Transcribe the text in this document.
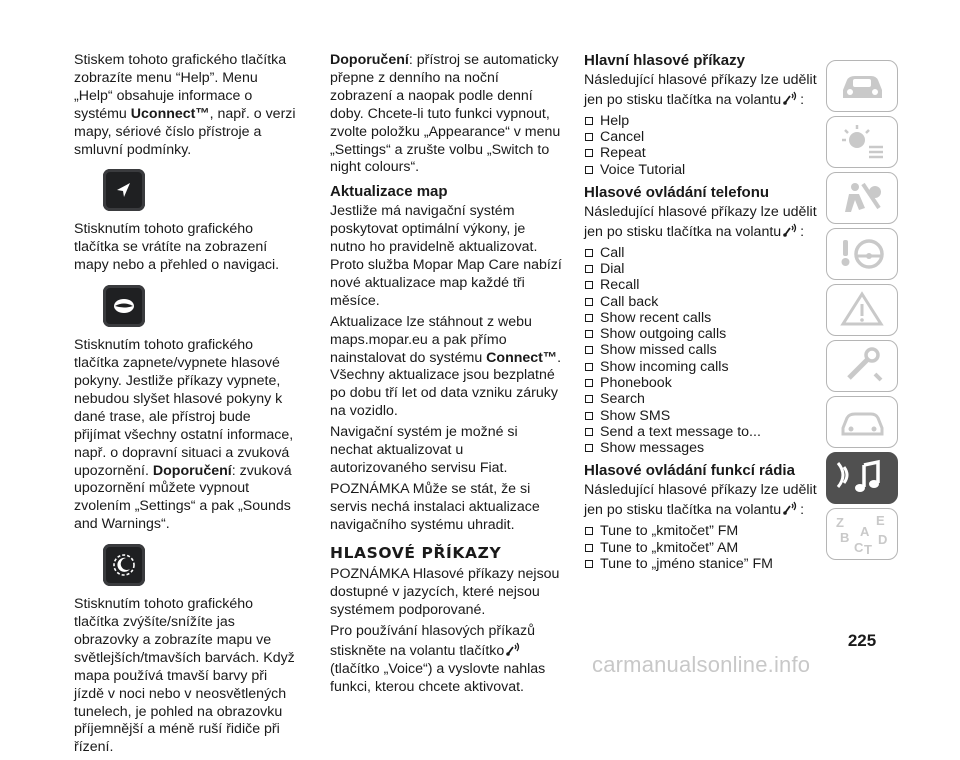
Stiskem tohoto grafického tlačítka zobrazíte menu “Help”. Menu „Help“ obsahuje informace o systému Uconnect™, např. o verzi mapy, sériové číslo přístroje a smluvní podmínky.

Stisknutím tohoto grafického tlačítka se vrátíte na zobrazení mapy nebo a přehled o navigaci.

Stisknutím tohoto grafického tlačítka zapnete/vypnete hlasové pokyny. Jestliže příkazy vypnete, nebudou slyšet hlasové pokyny k dané trase, ale přístroj bude přijímat všechny ostatní informace, např. o dopravní situaci a zvuková upozornění. Doporučení: zvuková upozornění můžete vypnout zvolením „Settings“ a pak „Sounds and Warnings“.

Stisknutím tohoto grafického tlačítka zvýšíte/snížíte jas obrazovky a zobrazíte mapu ve světlejších/tmavších barvách. Když mapa používá tmavší barvy při jízdě v noci nebo v neosvětlených tunelech, je pohled na obrazovku příjemnější a méně ruší řidiče při řízení.

Doporučení: přístroj se automaticky přepne z denního na noční zobrazení a naopak podle denní doby. Chcete-li tuto funkci vypnout, zvolte položku „Appearance“ v menu „Settings“ a zrušte volbu „Switch to night colours“.

Aktualizace map

Jestliže má navigační systém poskytovat optimální výkony, je nutno ho pravidelně aktualizovat. Proto služba Mopar Map Care nabízí nové aktualizace map každé tři měsíce.

Aktualizace lze stáhnout z webu maps.mopar.eu a pak přímo nainstalovat do systému Connect™. Všechny aktualizace jsou bezplatné po dobu tří let od data vzniku záruky na vozidlo.

Navigační systém je možné si nechat aktualizovat u autorizovaného servisu Fiat.

POZNÁMKA Může se stát, že si servis nechá instalaci aktualizace navigačního systému uhradit.

HLASOVÉ PŘÍKAZY

POZNÁMKA Hlasové příkazy nejsou dostupné v jazycích, které nejsou systémem podporované.

Pro používání hlasových příkazů stiskněte na volantu tlačítko (tlačítko „Voice“) a vyslovte nahlas funkci, kterou chcete aktivovat.

Hlavní hlasové příkazy

Následující hlasové příkazy lze udělit jen po stisku tlačítka na volantu :

Help
Cancel
Repeat
Voice Tutorial
Hlasové ovládání telefonu

Následující hlasové příkazy lze udělit jen po stisku tlačítka na volantu :

Call
Dial
Recall
Call back
Show recent calls
Show outgoing calls
Show missed calls
Show incoming calls
Phonebook
Search
Show SMS
Send a text message to...
Show messages
Hlasové ovládání funkcí rádia

Následující hlasové příkazy lze udělit jen po stisku tlačítka na volantu :

Tune to „kmitočet” FM
Tune to „kmitočet” AM
Tune to „jméno stanice” FM
Z E
B A
C
D
T
225
carmanualsonline.info
